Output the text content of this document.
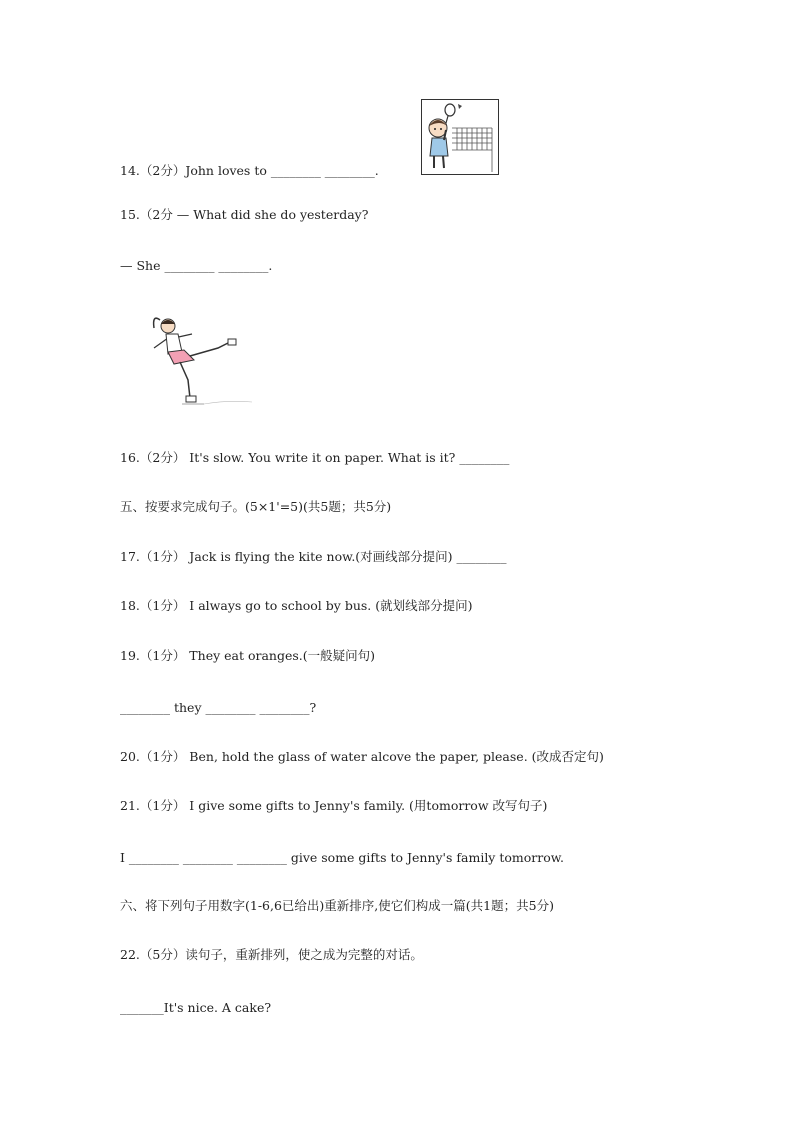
14.（2分）John loves to ________ ________.
15.（2分 — What did she do yesterday?
— She ________ ________.
16.（2分） It's slow. You write it on paper. What is it? ________
五、按要求完成句子。(5×1'=5)(共5题；共5分)
17.（1分） Jack is flying the kite now.(对画线部分提问) ________
18.（1分） I always go to school by bus. (就划线部分提问)
19.（1分） They eat oranges.(一般疑问句)
________ they ________ ________?
20.（1分） Ben, hold the glass of water alcove the paper, please. (改成否定句)
21.（1分） I give some gifts to Jenny's family. (用tomorrow 改写句子)
I ________ ________ ________ give some gifts to Jenny's family tomorrow.
六、将下列句子用数字(1-6,6已给出)重新排序,使它们构成一篇(共1题；共5分)
22.（5分）读句子，重新排列，使之成为完整的对话。
_______It's nice. A cake?
